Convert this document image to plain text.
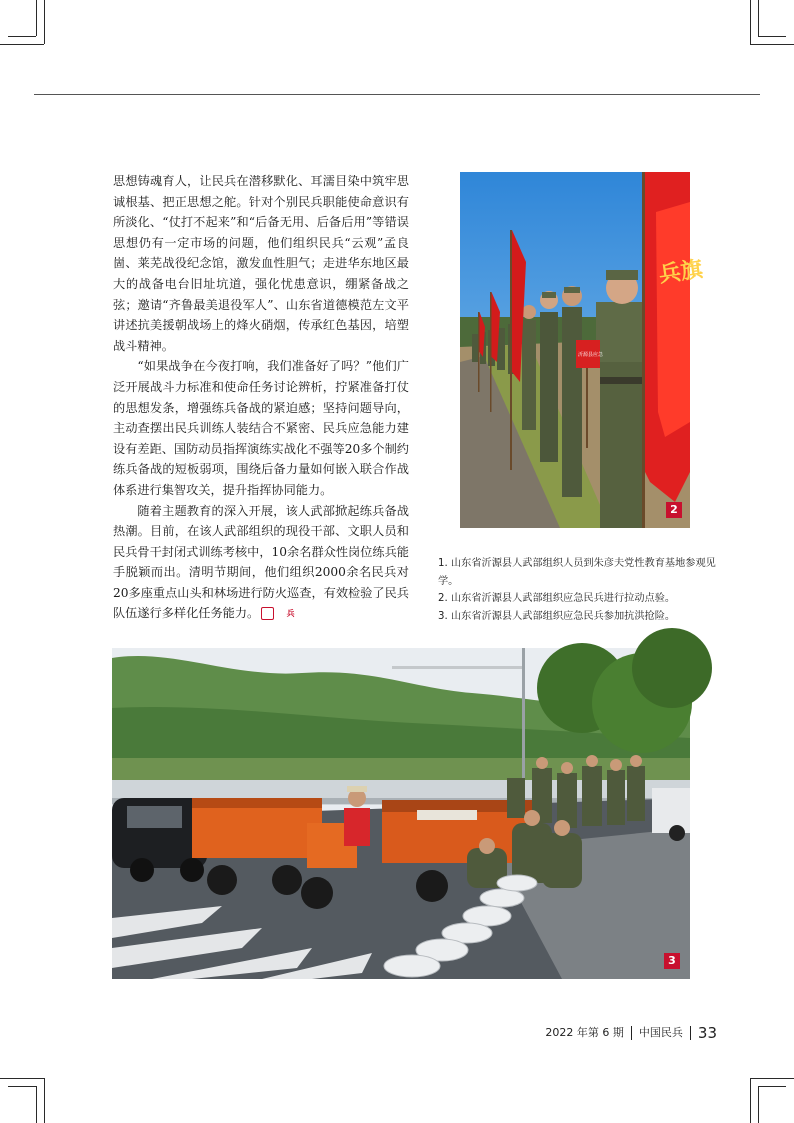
思想铸魂育人，让民兵在潜移默化、耳濡目染中筑牢思诚根基、把正思想之舵。针对个别民兵职能使命意识有所淡化、“仗打不起来”和“后备无用、后备后用”等错误思想仍有一定市场的问题，他们组织民兵“云观”孟良崮、莱芜战役纪念馆，激发血性胆气；走进华东地区最大的战备电台旧址坑道，强化忧患意识，绷紧备战之弦；邀请“齐鲁最美退役军人”、山东省道德模范左文平讲述抗美援朝战场上的烽火硝烟，传承红色基因，培塑战斗精神。

“如果战争在今夜打响，我们准备好了吗？”他们广泛开展战斗力标准和使命任务讨论辨析，拧紧准备打仗的思想发条，增强练兵备战的紧迫感；坚持问题导向，主动查摆出民兵训练人装结合不紧密、民兵应急能力建设有差距、国防动员指挥演练实战化不强等20多个制约练兵备战的短板弱项，围绕后备力量如何嵌入联合作战体系进行集智攻关，提升指挥协同能力。

随着主题教育的深入开展，该人武部掀起练兵备战热潮。目前，在该人武部组织的现役干部、文职人员和民兵骨干封闭式训练考核中，10余名群众性岗位练兵能手脱颖而出。清明节期间，他们组织2000余名民兵对20多座重点山头和林场进行防火巡查，有效检验了民兵队伍遂行多样化任务能力。	兵

兵旗
沂源县应急
2
1. 山东省沂源县人武部组织人员到朱彦夫党性教育基地参观见学。
2. 山东省沂源县人武部组织应急民兵进行拉动点验。
3. 山东省沂源县人武部组织应急民兵参加抗洪抢险。
3
2022 年第 6 期 中国民兵 33
